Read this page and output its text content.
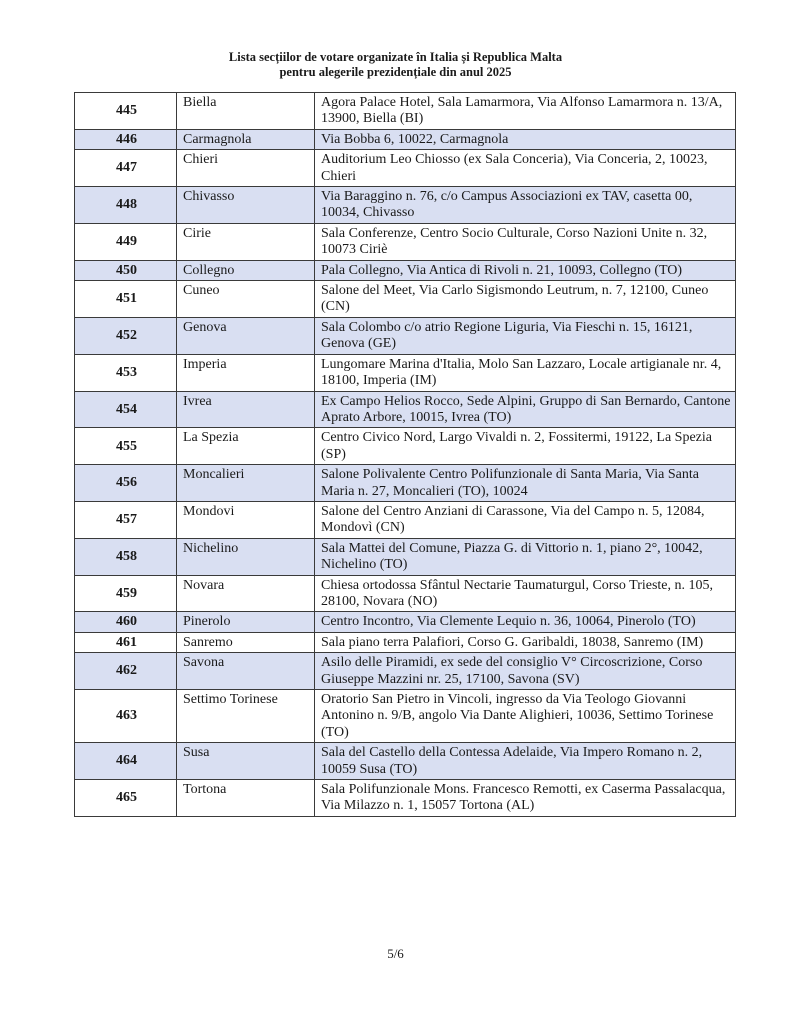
Lista secțiilor de votare organizate în Italia și Republica Malta
pentru alegerile prezidențiale din anul 2025
445	Biella	Agora Palace Hotel, Sala Lamarmora, Via Alfonso Lamarmora n. 13/A, 13900, Biella (BI)
446	Carmagnola	Via Bobba 6, 10022, Carmagnola
447	Chieri	Auditorium Leo Chiosso (ex Sala Conceria), Via Conceria, 2, 10023, Chieri
448	Chivasso	Via Baraggino n. 76, c/o Campus Associazioni ex TAV, casetta 00, 10034, Chivasso
449	Cirie	Sala Conferenze, Centro Socio Culturale, Corso Nazioni Unite n. 32, 10073 Ciriè
450	Collegno	Pala Collegno, Via Antica di Rivoli n. 21, 10093, Collegno (TO)
451	Cuneo	Salone del Meet, Via Carlo Sigismondo Leutrum, n. 7, 12100, Cuneo (CN)
452	Genova	Sala Colombo c/o atrio Regione Liguria, Via Fieschi n. 15, 16121, Genova (GE)
453	Imperia	Lungomare Marina d'Italia, Molo San Lazzaro, Locale artigianale nr. 4, 18100, Imperia (IM)
454	Ivrea	Ex Campo Helios Rocco, Sede Alpini, Gruppo di San Bernardo, Cantone Aprato Arbore, 10015, Ivrea (TO)
455	La Spezia	Centro Civico Nord, Largo Vivaldi n. 2, Fossitermi, 19122, La Spezia (SP)
456	Moncalieri	Salone Polivalente Centro Polifunzionale di Santa Maria, Via Santa Maria n. 27, Moncalieri (TO), 10024
457	Mondovi	Salone del Centro Anziani di Carassone, Via del Campo n. 5, 12084, Mondovì (CN)
458	Nichelino	Sala Mattei del Comune, Piazza G. di Vittorio n. 1, piano 2°, 10042, Nichelino (TO)
459	Novara	Chiesa ortodossa Sfântul Nectarie Taumaturgul, Corso Trieste, n. 105, 28100, Novara (NO)
460	Pinerolo	Centro Incontro, Via Clemente Lequio n. 36, 10064, Pinerolo (TO)
461	Sanremo	Sala piano terra Palafiori, Corso G. Garibaldi, 18038, Sanremo (IM)
462	Savona	Asilo delle Piramidi, ex sede del consiglio V° Circoscrizione, Corso Giuseppe Mazzini nr. 25, 17100, Savona (SV)
463	Settimo Torinese	Oratorio San Pietro in Vincoli, ingresso da Via Teologo Giovanni Antonino n. 9/B, angolo Via Dante Alighieri, 10036, Settimo Torinese (TO)
464	Susa	Sala del Castello della Contessa Adelaide, Via Impero Romano n. 2, 10059 Susa (TO)
465	Tortona	Sala Polifunzionale Mons. Francesco Remotti, ex Caserma Passalacqua, Via Milazzo n. 1, 15057 Tortona (AL)
5/6
